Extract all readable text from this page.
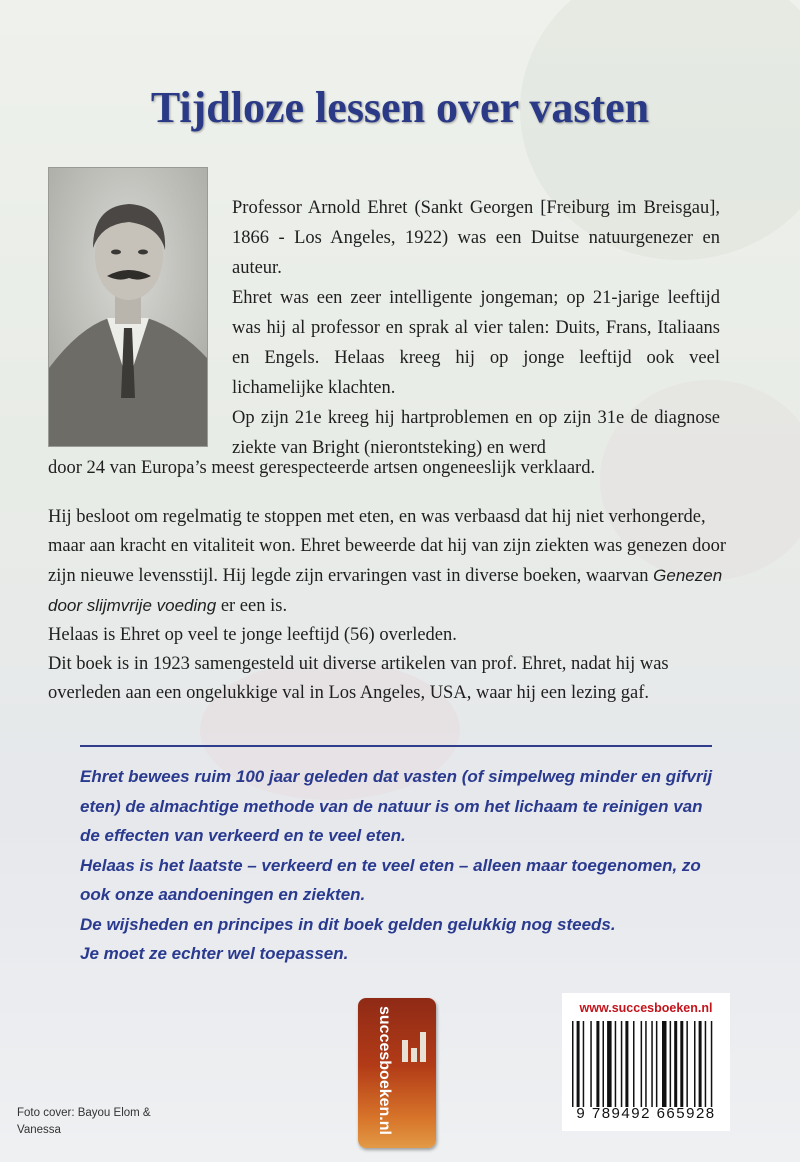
Tijdloze lessen over vasten

Professor Arnold Ehret (Sankt Georgen [Freiburg im Breisgau], 1866 - Los Angeles, 1922) was een Duitse natuurgenezer en auteur.

Ehret was een zeer intelligente jongeman; op 21-jarige leeftijd was hij al professor en sprak al vier talen: Duits, Frans, Italiaans en Engels. Helaas kreeg hij op jonge leeftijd ook veel lichamelijke klachten.

Op zijn 21e kreeg hij hartproblemen en op zijn 31e de diagnose ziekte van Bright (nierontsteking) en werd

door 24 van Europa’s meest gerespecteerde artsen ongeneeslijk verklaard.

Hij besloot om regelmatig te stoppen met eten, en was verbaasd dat hij niet verhongerde, maar aan kracht en vitaliteit won. Ehret beweerde dat hij van zijn ziekten was genezen door zijn nieuwe levensstijl. Hij legde zijn ervaringen vast in diverse boeken, waarvan Genezen door slijmvrije voeding er een is.

Helaas is Ehret op veel te jonge leeftijd (56) overleden.

Dit boek is in 1923 samengesteld uit diverse artikelen van prof. Ehret, nadat hij was overleden aan een ongelukkige val in Los Angeles, USA, waar hij een lezing gaf.

Ehret bewees ruim 100 jaar geleden dat vasten (of simpelweg minder en gifvrij eten) de almachtige methode van de natuur is om het lichaam te reinigen van de effecten van verkeerd en te veel eten.

Helaas is het laatste – verkeerd en te veel eten – alleen maar toegenomen, zo ook onze aandoeningen en ziekten.

De wijsheden en principes in dit boek gelden gelukkig nog steeds.

Je moet ze echter wel toepassen.

succesboeken.nl	www.succesboeken.nl
9 789492 665928
Foto cover: Bayou Elom &
Vanessa
